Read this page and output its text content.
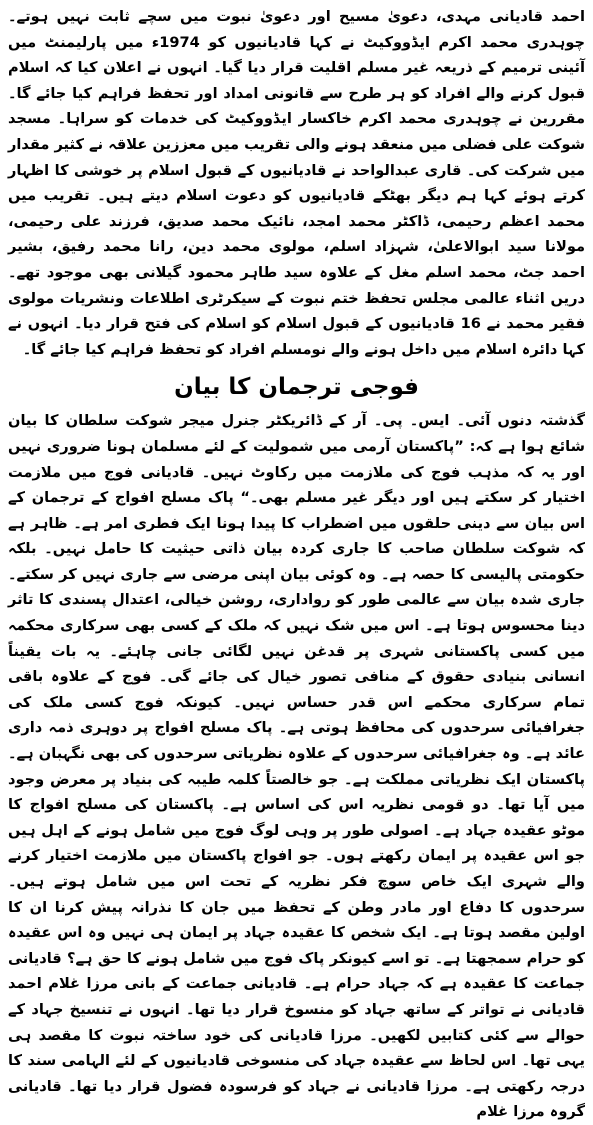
احمد قادیانی مہدی، دعویٰ مسیح اور دعویٰ نبوت میں سچے ثابت نہیں ہوتے۔ چوہدری محمد اکرم ایڈووکیٹ نے کہا قادیانیوں کو 1974ء میں پارلیمنٹ میں آئینی ترمیم کے ذریعہ غیر مسلم اقلیت قرار دیا گیا۔ انہوں نے اعلان کیا کہ اسلام قبول کرنے والے افراد کو ہر طرح سے قانونی امداد اور تحفظ فراہم کیا جائے گا۔ مقررین نے چوہدری محمد اکرم خاکسار ایڈووکیٹ کی خدمات کو سراہا۔ مسجد شوکت علی فضلی میں منعقد ہونے والی تقریب میں معززین علاقہ نے کثیر مقدار میں شرکت کی۔ قاری عبدالواحد نے قادیانیوں کے قبول اسلام پر خوشی کا اظہار کرتے ہوئے کہا ہم دیگر بھٹکے قادیانیوں کو دعوت اسلام دیتے ہیں۔ تقریب میں محمد اعظم رحیمی، ڈاکٹر محمد امجد، نائیک محمد صدیق، فرزند علی رحیمی، مولانا سید ابوالاعلیٰ، شہزاد اسلم، مولوی محمد دین، رانا محمد رفیق، بشیر احمد جٹ، محمد اسلم مغل کے علاوہ سید طاہر محمود گیلانی بھی موجود تھے۔ دریں اثناء عالمی مجلس تحفظ ختم نبوت کے سیکرٹری اطلاعات ونشریات مولوی فقیر محمد نے 16 قادیانیوں کے قبول اسلام کو اسلام کی فتح قرار دیا۔ انہوں نے کہا دائرہ اسلام میں داخل ہونے والے نومسلم افراد کو تحفظ فراہم کیا جائے گا۔

فوجی ترجمان کا بیان

گذشتہ دنوں آئی۔ ایس۔ پی۔ آر کے ڈائریکٹر جنرل میجر شوکت سلطان کا بیان شائع ہوا ہے کہ: ”پاکستان آرمی میں شمولیت کے لئے مسلمان ہونا ضروری نہیں اور یہ کہ مذہب فوج کی ملازمت میں رکاوٹ نہیں۔ قادیانی فوج میں ملازمت اختیار کر سکتے ہیں اور دیگر غیر مسلم بھی۔“ پاک مسلح افواج کے ترجمان کے اس بیان سے دینی حلقوں میں اضطراب کا پیدا ہونا ایک فطری امر ہے۔ ظاہر ہے کہ شوکت سلطان صاحب کا جاری کردہ بیان ذاتی حیثیت کا حامل نہیں۔ بلکہ حکومتی پالیسی کا حصہ ہے۔ وہ کوئی بیان اپنی مرضی سے جاری نہیں کر سکتے۔ جاری شدہ بیان سے عالمی طور کو رواداری، روشن خیالی، اعتدال پسندی کا تاثر دینا محسوس ہوتا ہے۔ اس میں شک نہیں کہ ملک کے کسی بھی سرکاری محکمہ میں کسی پاکستانی شہری پر قدغن نہیں لگائی جانی چاہئے۔ یہ بات یقیناً انسانی بنیادی حقوق کے منافی تصور خیال کی جائے گی۔ فوج کے علاوہ باقی تمام سرکاری محکمے اس قدر حساس نہیں۔ کیونکہ فوج کسی ملک کی جغرافیائی سرحدوں کی محافظ ہوتی ہے۔ پاک مسلح افواج پر دوہری ذمہ داری عائد ہے۔ وہ جغرافیائی سرحدوں کے علاوہ نظریاتی سرحدوں کی بھی نگہبان ہے۔ پاکستان ایک نظریاتی مملکت ہے۔ جو خالصتاً کلمہ طیبہ کی بنیاد پر معرض وجود میں آیا تھا۔ دو قومی نظریہ اس کی اساس ہے۔ پاکستان کی مسلح افواج کا موٹو عقیدہ جہاد ہے۔ اصولی طور پر وہی لوگ فوج میں شامل ہونے کے اہل ہیں جو اس عقیدہ پر ایمان رکھتے ہوں۔ جو افواج پاکستان میں ملازمت اختیار کرنے والے شہری ایک خاص سوچ فکر نظریہ کے تحت اس میں شامل ہوتے ہیں۔ سرحدوں کا دفاع اور مادر وطن کے تحفظ میں جان کا نذرانہ پیش کرنا ان کا اولین مقصد ہوتا ہے۔ ایک شخص کا عقیدہ جہاد پر ایمان ہی نہیں وہ اس عقیدہ کو حرام سمجھتا ہے۔ تو اسے کیونکر پاک فوج میں شامل ہونے کا حق ہے؟ قادیانی جماعت کا عقیدہ ہے کہ جہاد حرام ہے۔ قادیانی جماعت کے بانی مرزا غلام احمد قادیانی نے تواتر کے ساتھ جہاد کو منسوخ قرار دیا تھا۔ انہوں نے تنسیخ جہاد کے حوالے سے کئی کتابیں لکھیں۔ مرزا قادیانی کی خود ساختہ نبوت کا مقصد ہی یہی تھا۔ اس لحاظ سے عقیدہ جہاد کی منسوخی قادیانیوں کے لئے الہامی سند کا درجہ رکھتی ہے۔ مرزا قادیانی نے جہاد کو فرسودہ فضول قرار دیا تھا۔ قادیانی گروہ مرزا غلام
